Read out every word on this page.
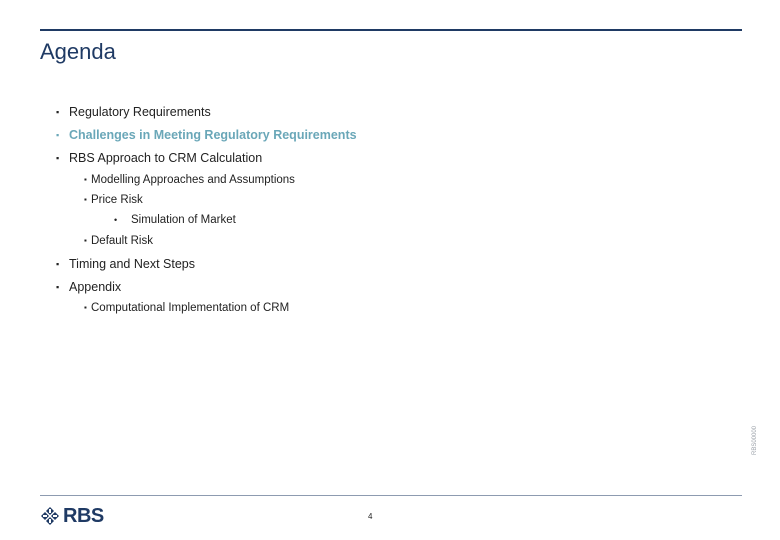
Agenda
▪ Regulatory Requirements
▪ Challenges in Meeting Regulatory Requirements
▪ RBS Approach to CRM Calculation
▪ Modelling Approaches and Assumptions
▪ Price Risk
• Simulation of Market
▪ Default Risk
▪ Timing and Next Steps
▪ Appendix
▪ Computational Implementation of CRM
RBS00000
RBS	4
